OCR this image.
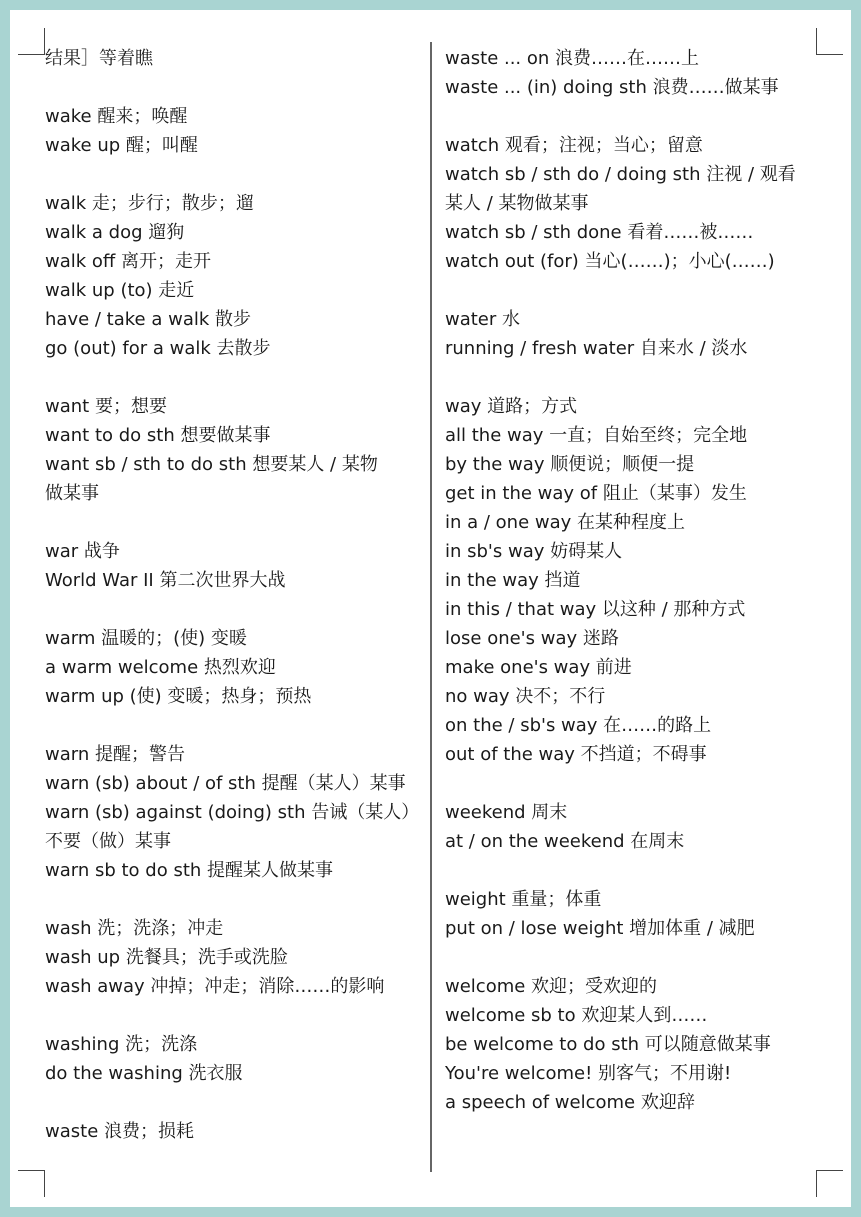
结果］等着瞧
wake 醒来；唤醒
wake up 醒；叫醒
walk 走；步行；散步；遛
walk a dog 遛狗
walk off 离开；走开
walk up (to) 走近
have / take a walk 散步
go (out) for a walk 去散步
want 要；想要
want to do sth 想要做某事
want sb / sth to do sth 想要某人 / 某物
做某事
war 战争
World War II 第二次世界大战
warm 温暖的；(使) 变暖
a warm welcome 热烈欢迎
warm up (使) 变暖；热身；预热
warn 提醒；警告
warn (sb) about / of sth 提醒（某人）某事
warn (sb) against (doing) sth 告诫（某人）
不要（做）某事
warn sb to do sth 提醒某人做某事
wash 洗；洗涤；冲走
wash up 洗餐具；洗手或洗脸
wash away 冲掉；冲走；消除……的影响
washing 洗；洗涤
do the washing 洗衣服
waste 浪费；损耗
waste ... on 浪费……在……上
waste ... (in) doing sth 浪费……做某事
watch 观看；注视；当心；留意
watch sb / sth do / doing sth 注视 / 观看
某人 / 某物做某事
watch sb / sth done 看着……被……
watch out (for) 当心(……)；小心(……)
water 水
running / fresh water 自来水 / 淡水
way 道路；方式
all the way 一直；自始至终；完全地
by the way 顺便说；顺便一提
get in the way of 阻止（某事）发生
in a / one way 在某种程度上
in sb's way 妨碍某人
in the way 挡道
in this / that way 以这种 / 那种方式
lose one's way 迷路
make one's way 前进
no way 决不；不行
on the / sb's way 在……的路上
out of the way 不挡道；不碍事
weekend 周末
at / on the weekend 在周末
weight 重量；体重
put on / lose weight 增加体重 / 减肥
welcome 欢迎；受欢迎的
welcome sb to 欢迎某人到……
be welcome to do sth 可以随意做某事
You're welcome! 别客气；不用谢!
a speech of welcome 欢迎辞
